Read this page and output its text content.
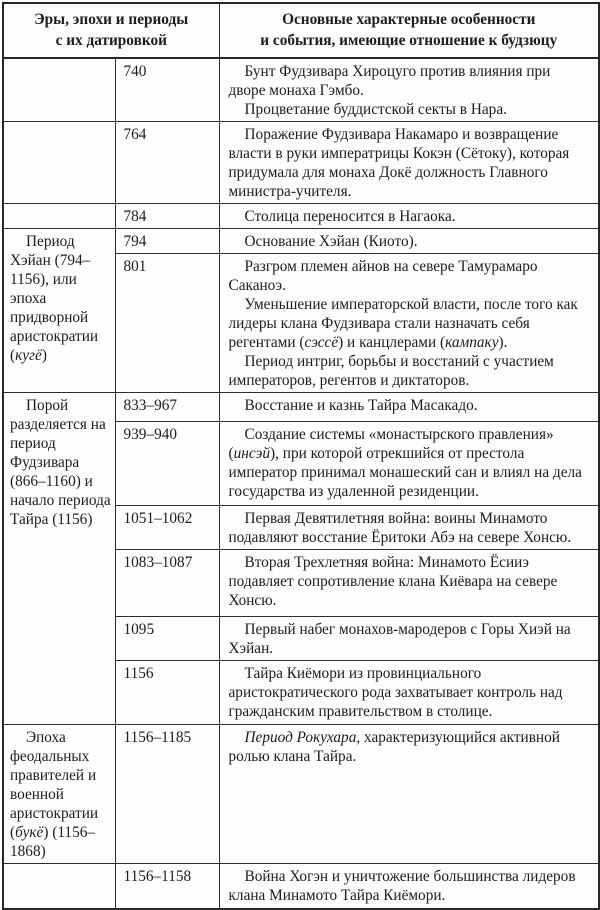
Эры, эпохи и периоды
с их датировкой

Основные характерные особенности
и события, имеющие отношение к будзюцу

	740	Бунт Фудзивара Хироцуго против влияния при дворе монаха Гэмбо.

Процветание буддистской секты в Нара.

	764	Поражение Фудзивара Накамаро и возвращение власти в руки императрицы Кокэн (Сётоку), которая придумала для монаха Докё должность Главного министра-учителя.

	784	Столица переносится в Нагаока.

Период Хэйан (794–1156), или эпоха придворной аристократии (кугё)	794	Основание Хэйан (Киото).

	801	Разгром племен айнов на севере Тамурамаро Саканоэ.

Уменьшение императорской власти, после того как лидеры клана Фудзивара стали назначать себя регентами (сэссё) и канцлерами (кампаку).

Период интриг, борьбы и восстаний с участием императоров, регентов и диктаторов.

Порой разделяется на период Фудзивара (866–1160) и начало периода Тайра (1156)	833–967	Восстание и казнь Тайра Масакадо.

	939–940	Создание системы «монастырского правления» (инсэй), при которой отрекшийся от престола император принимал монашеский сан и влиял на дела государства из удаленной резиденции.

	1051–1062	Первая Девятилетняя война: воины Минамото подавляют восстание Ёритоки Абэ на севере Хонсю.

	1083–1087	Вторая Трехлетняя война: Минамото Ёсииэ подавляет сопротивление клана Киёвара на севере Хонсю.

	1095	Первый набег монахов-мародеров с Горы Хиэй на Хэйан.

	1156	Тайра Киёмори из провинциального аристократического рода захватывает контроль над гражданским правительством в столице.

Эпоха феодальных правителей и военной аристократии (букё) (1156–1868)	1156–1185	Период Рокухара, характеризующийся активной ролью клана Тайра.

	1156–1158	Война Хогэн и уничтожение большинства лидеров клана Минамото Тайра Киёмори.
